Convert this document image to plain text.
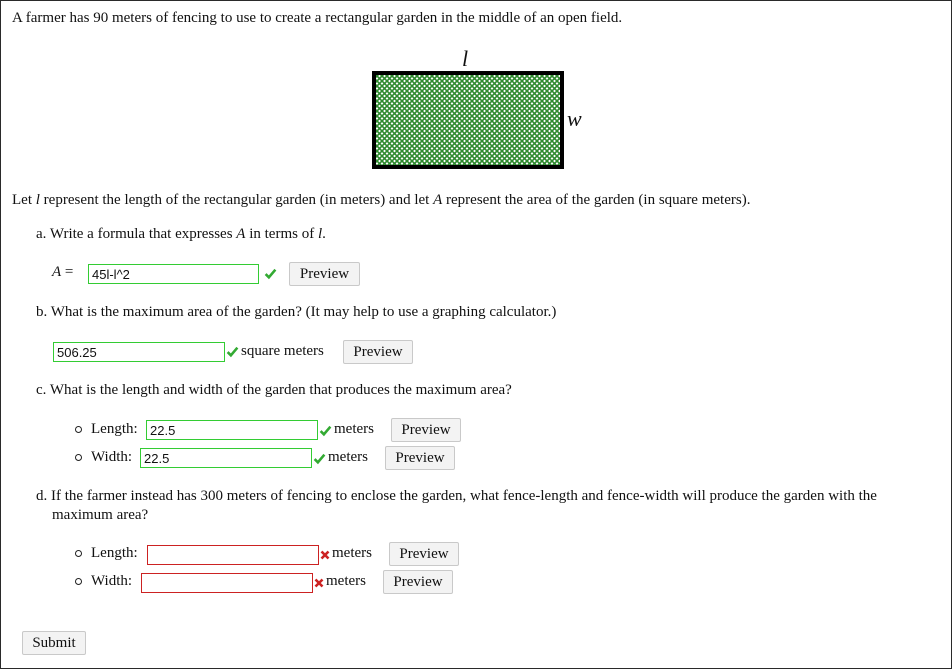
A farmer has 90 meters of fencing to use to create a rectangular garden in the middle of an open field.
l
w
Let l represent the length of the rectangular garden (in meters) and let A represent the area of the garden (in square meters).
a. Write a formula that expresses A in terms of l.
A =
45l-l^2	Preview
b. What is the maximum area of the garden? (It may help to use a graphing calculator.)
506.25
square meters	Preview
c. What is the length and width of the garden that produces the maximum area?
Length:
22.5	meters	Preview
Width:
22.5	meters	Preview
d. If the farmer instead has 300 meters of fencing to enclose the garden, what fence-length and fence-width will produce the garden with the
maximum area?
Length:	meters	Preview
Width:	meters	Preview
Submit
